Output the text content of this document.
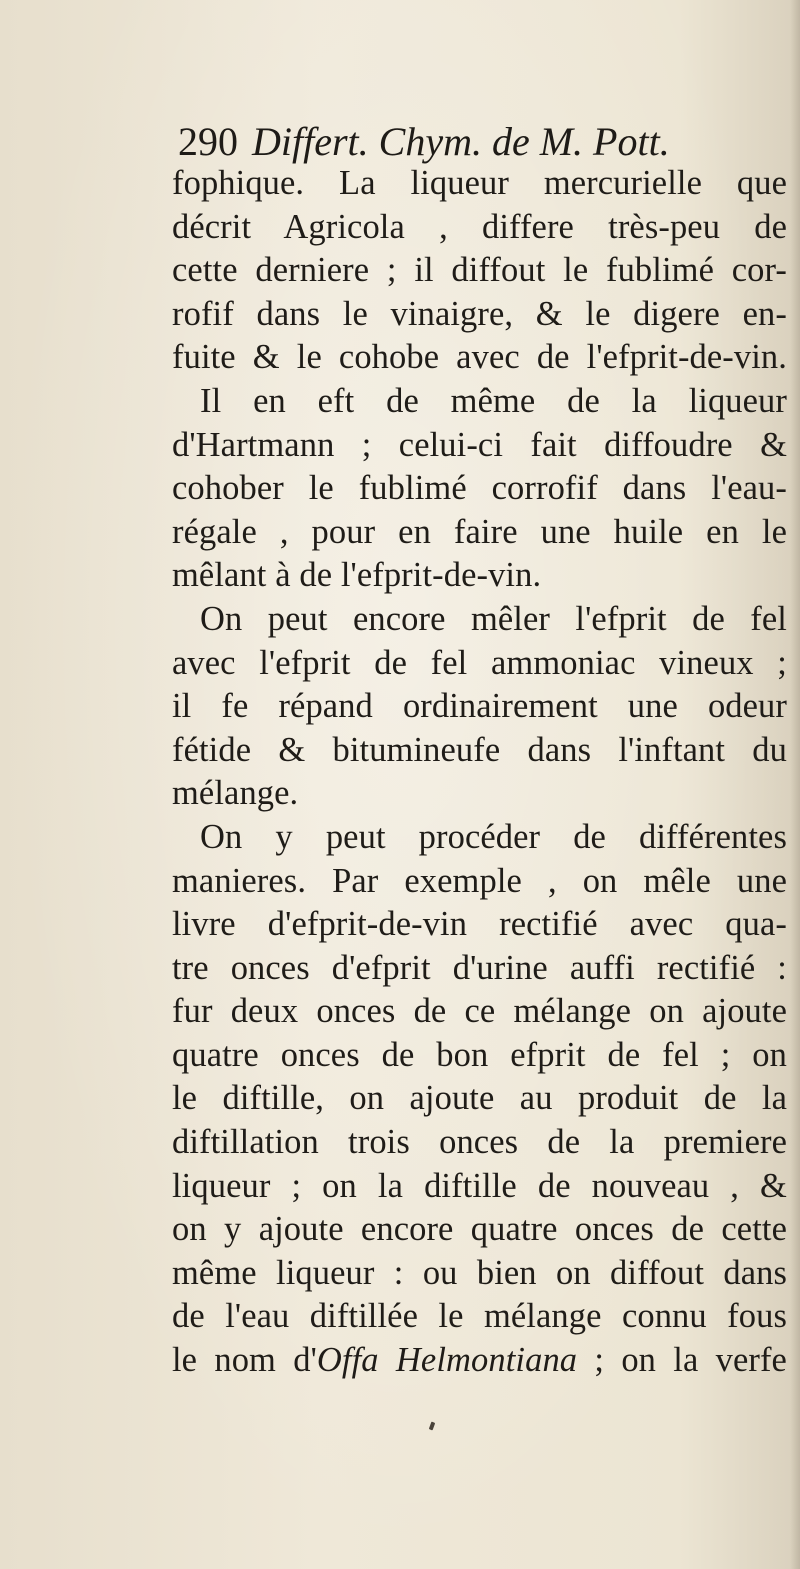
290 Differt. Chym. de M. Pott.
fophique. La liqueur mercurielle que
décrit Agricola , differe très-peu de
cette derniere ; il diffout le fublimé cor-
rofif dans le vinaigre, & le digere en-
fuite & le cohobe avec de l'efprit-de-vin.
Il en eft de même de la liqueur
d'Hartmann ; celui-ci fait diffoudre &
cohober le fublimé corrofif dans l'eau-
régale , pour en faire une huile en le
mêlant à de l'efprit-de-vin.
On peut encore mêler l'efprit de fel
avec l'efprit de fel ammoniac vineux ;
il fe répand ordinairement une odeur
fétide & bitumineufe dans l'inftant du
mélange.
On y peut procéder de différentes
manieres. Par exemple , on mêle une
livre d'efprit-de-vin rectifié avec qua-
tre onces d'efprit d'urine auffi rectifié :
fur deux onces de ce mélange on ajoute
quatre onces de bon efprit de fel ; on
le diftille, on ajoute au produit de la
diftillation trois onces de la premiere
liqueur ; on la diftille de nouveau , &
on y ajoute encore quatre onces de cette
même liqueur : ou bien on diffout dans
de l'eau diftillée le mélange connu fous
le nom d'Offa Helmontiana ; on la verfe
